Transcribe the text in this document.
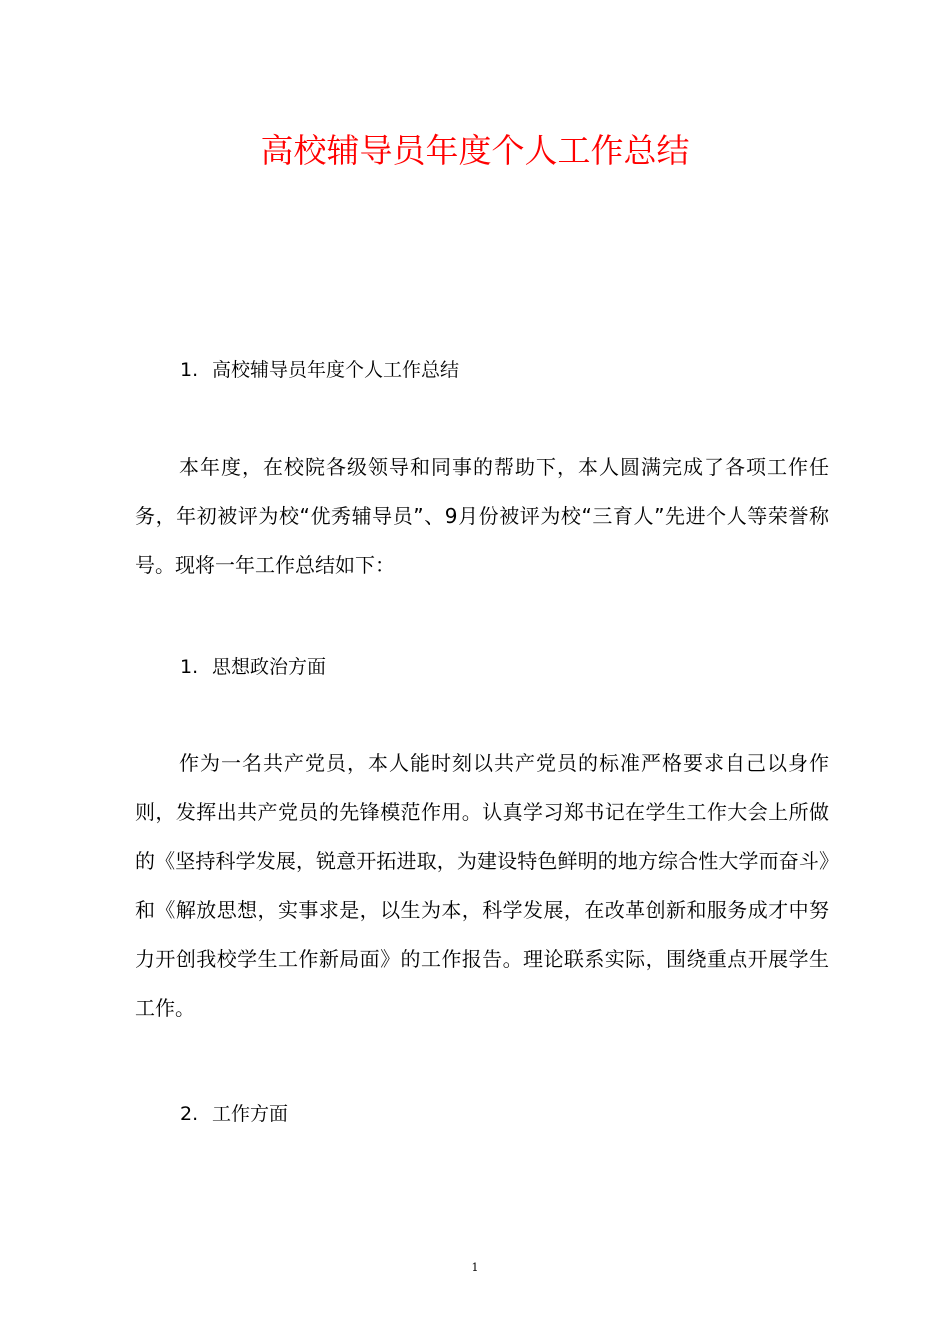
高校辅导员年度个人工作总结
1. 高校辅导员年度个人工作总结

本年度，在校院各级领导和同事的帮助下，本人圆满完成了各项工作任务，年初被评为校“优秀辅导员”、9月份被评为校“三育人”先进个人等荣誉称号。现将一年工作总结如下：

1. 思想政治方面

作为一名共产党员，本人能时刻以共产党员的标准严格要求自己以身作则，发挥出共产党员的先锋模范作用。认真学习郑书记在学生工作大会上所做的《坚持科学发展，锐意开拓进取，为建设特色鲜明的地方综合性大学而奋斗》和《解放思想，实事求是，以生为本，科学发展，在改革创新和服务成才中努力开创我校学生工作新局面》的工作报告。理论联系实际，围绕重点开展学生工作。

2. 工作方面
1
